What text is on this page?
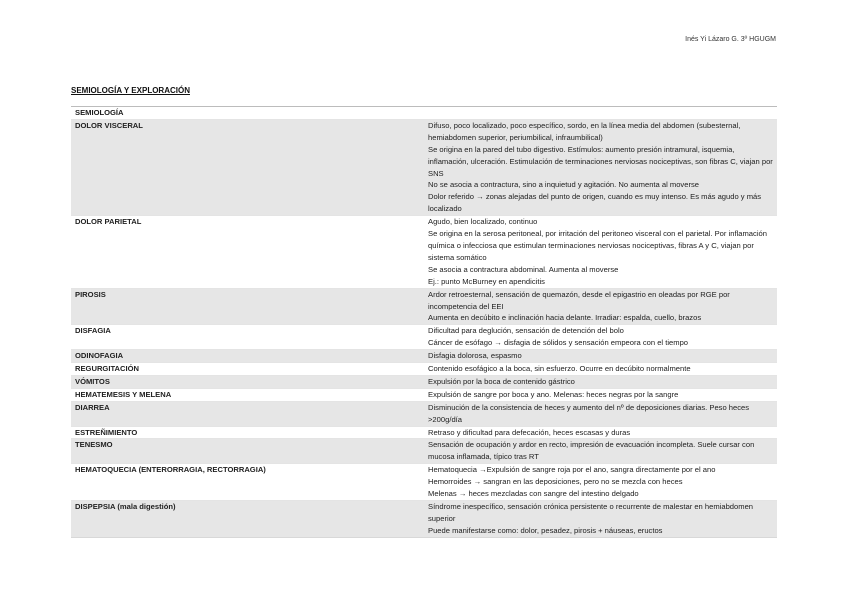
Inés Yi Lázaro G. 3º HGUGM
SEMIOLOGÍA Y EXPLORACIÓN
SEMIOLOGÍA	
DOLOR VISCERAL	Difuso, poco localizado, poco específico, sordo, en la línea media del abdomen (subesternal, hemiabdomen superior, periumbilical, infraumbilical)
Se origina en la pared del tubo digestivo. Estímulos: aumento presión intramural, isquemia, inflamación, ulceración. Estimulación de terminaciones nerviosas nociceptivas, son fibras C, viajan por SNS
No se asocia a contractura, sino a inquietud y agitación. No aumenta al moverse
Dolor referido → zonas alejadas del punto de origen, cuando es muy intenso. Es más agudo y más localizado

DOLOR PARIETAL	Agudo, bien localizado, continuo
Se origina en la serosa peritoneal, por irritación del peritoneo visceral con el parietal. Por inflamación química o infecciosa que estimulan terminaciones nerviosas nociceptivas, fibras A y C, viajan por sistema somático
Se asocia a contractura abdominal. Aumenta al moverse
Ej.: punto McBurney en apendicitis

PIROSIS	Ardor retroesternal, sensación de quemazón, desde el epigastrio en oleadas por RGE por incompetencia del EEI
Aumenta en decúbito e inclinación hacia delante. Irradiar: espalda, cuello, brazos

DISFAGIA	Dificultad para deglución, sensación de detención del bolo
Cáncer de esófago → disfagia de sólidos y sensación empeora con el tiempo

ODINOFAGIA	Disfagia dolorosa, espasmo

REGURGITACIÓN	Contenido esofágico a la boca, sin esfuerzo. Ocurre en decúbito normalmente

VÓMITOS	Expulsión por la boca de contenido gástrico

HEMATEMESIS Y MELENA	Expulsión de sangre por boca y ano. Melenas: heces negras por la sangre

DIARREA	Disminución de la consistencia de heces y aumento del nº de deposiciones diarias. Peso heces >200g/día

ESTREÑIMIENTO	Retraso y dificultad para defecación, heces escasas y duras

TENESMO	Sensación de ocupación y ardor en recto, impresión de evacuación incompleta. Suele cursar con mucosa inflamada, típico tras RT

HEMATOQUECIA (ENTERORRAGIA, RECTORRAGIA)	Hematoquecia →Expulsión de sangre roja por el ano, sangra directamente por el ano
Hemorroides → sangran en las deposiciones, pero no se mezcla con heces
Melenas → heces mezcladas con sangre del intestino delgado

DISPEPSIA (mala digestión)	Síndrome inespecífico, sensación crónica persistente o recurrente de malestar en hemiabdomen superior
Puede manifestarse como: dolor, pesadez, pirosis + náuseas, eructos
